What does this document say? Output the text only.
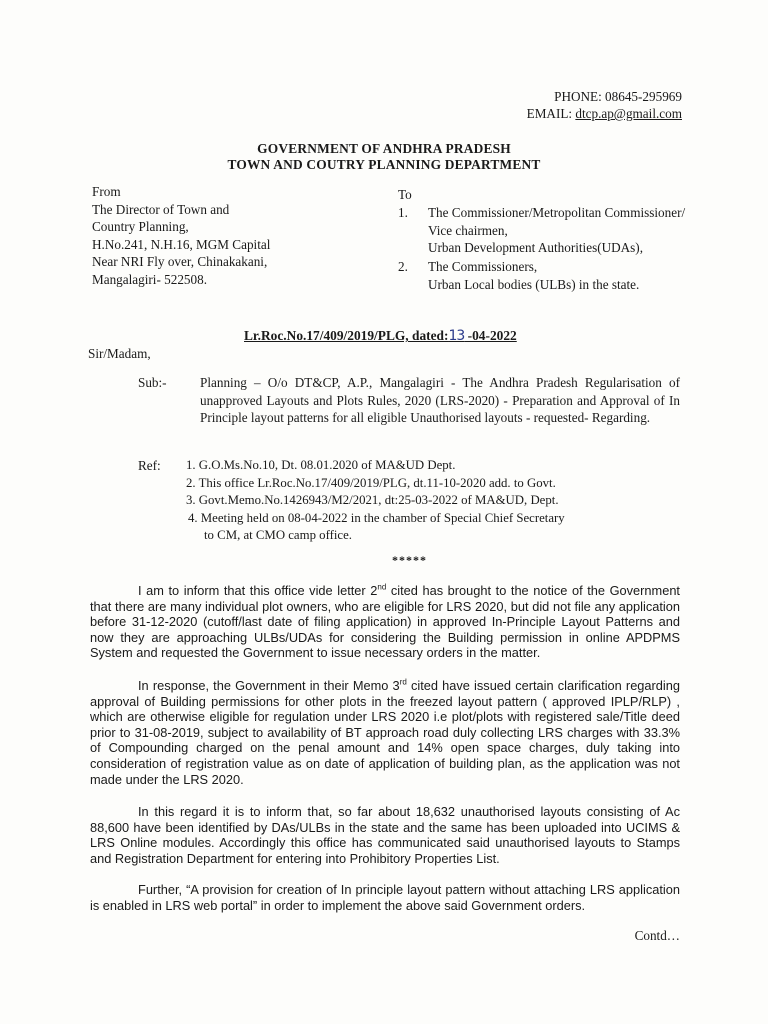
PHONE: 08645-295969
EMAIL: dtcp.ap@gmail.com
GOVERNMENT OF ANDHRA PRADESH
TOWN AND COUTRY PLANNING DEPARTMENT
From
The Director of Town and
Country Planning,
H.No.241, N.H.16, MGM Capital
Near NRI Fly over, Chinakakani,
Mangalagiri- 522508.
To
1. The Commissioner/Metropolitan Commissioner/
Vice chairmen,
Urban Development Authorities(UDAs),
2. The Commissioners,
Urban Local bodies (ULBs) in the state.
Lr.Roc.No.17/409/2019/PLG, dated:13 -04-2022
Sir/Madam,
Sub:-	Planning – O/o DT&CP, A.P., Mangalagiri - The Andhra Pradesh Regularisation of unapproved Layouts and Plots Rules, 2020 (LRS-2020) - Preparation and Approval of In Principle layout patterns for all eligible Unauthorised layouts - requested- Regarding.
Ref: 1. G.O.Ms.No.10, Dt. 08.01.2020 of MA&UD Dept.
2. This office Lr.Roc.No.17/409/2019/PLG, dt.11-10-2020 add. to Govt.
3. Govt.Memo.No.1426943/M2/2021, dt:25-03-2022 of MA&UD, Dept.
4. Meeting held on 08-04-2022 in the chamber of Special Chief Secretary
to CM, at CMO camp office.
*****
I am to inform that this office vide letter 2nd cited has brought to the notice of the Government that there are many individual plot owners, who are eligible for LRS 2020, but did not file any application before 31-12-2020 (cutoff/last date of filing application) in approved In-Principle Layout Patterns and now they are approaching ULBs/UDAs for considering the Building permission in online APDPMS System and requested the Government to issue necessary orders in the matter.
In response, the Government in their Memo 3rd cited have issued certain clarification regarding approval of Building permissions for other plots in the freezed layout pattern ( approved IPLP/RLP) , which are otherwise eligible for regulation under LRS 2020 i.e plot/plots with registered sale/Title deed prior to 31-08-2019, subject to availability of BT approach road duly collecting LRS charges with 33.3% of Compounding charged on the penal amount and 14% open space charges, duly taking into consideration of registration value as on date of application of building plan, as the application was not made under the LRS 2020.
In this regard it is to inform that, so far about 18,632 unauthorised layouts consisting of Ac 88,600 have been identified by DAs/ULBs in the state and the same has been uploaded into UCIMS & LRS Online modules. Accordingly this office has communicated said unauthorised layouts to Stamps and Registration Department for entering into Prohibitory Properties List.
Further, “A provision for creation of In principle layout pattern without attaching LRS application is enabled in LRS web portal” in order to implement the above said Government orders.
Contd…
